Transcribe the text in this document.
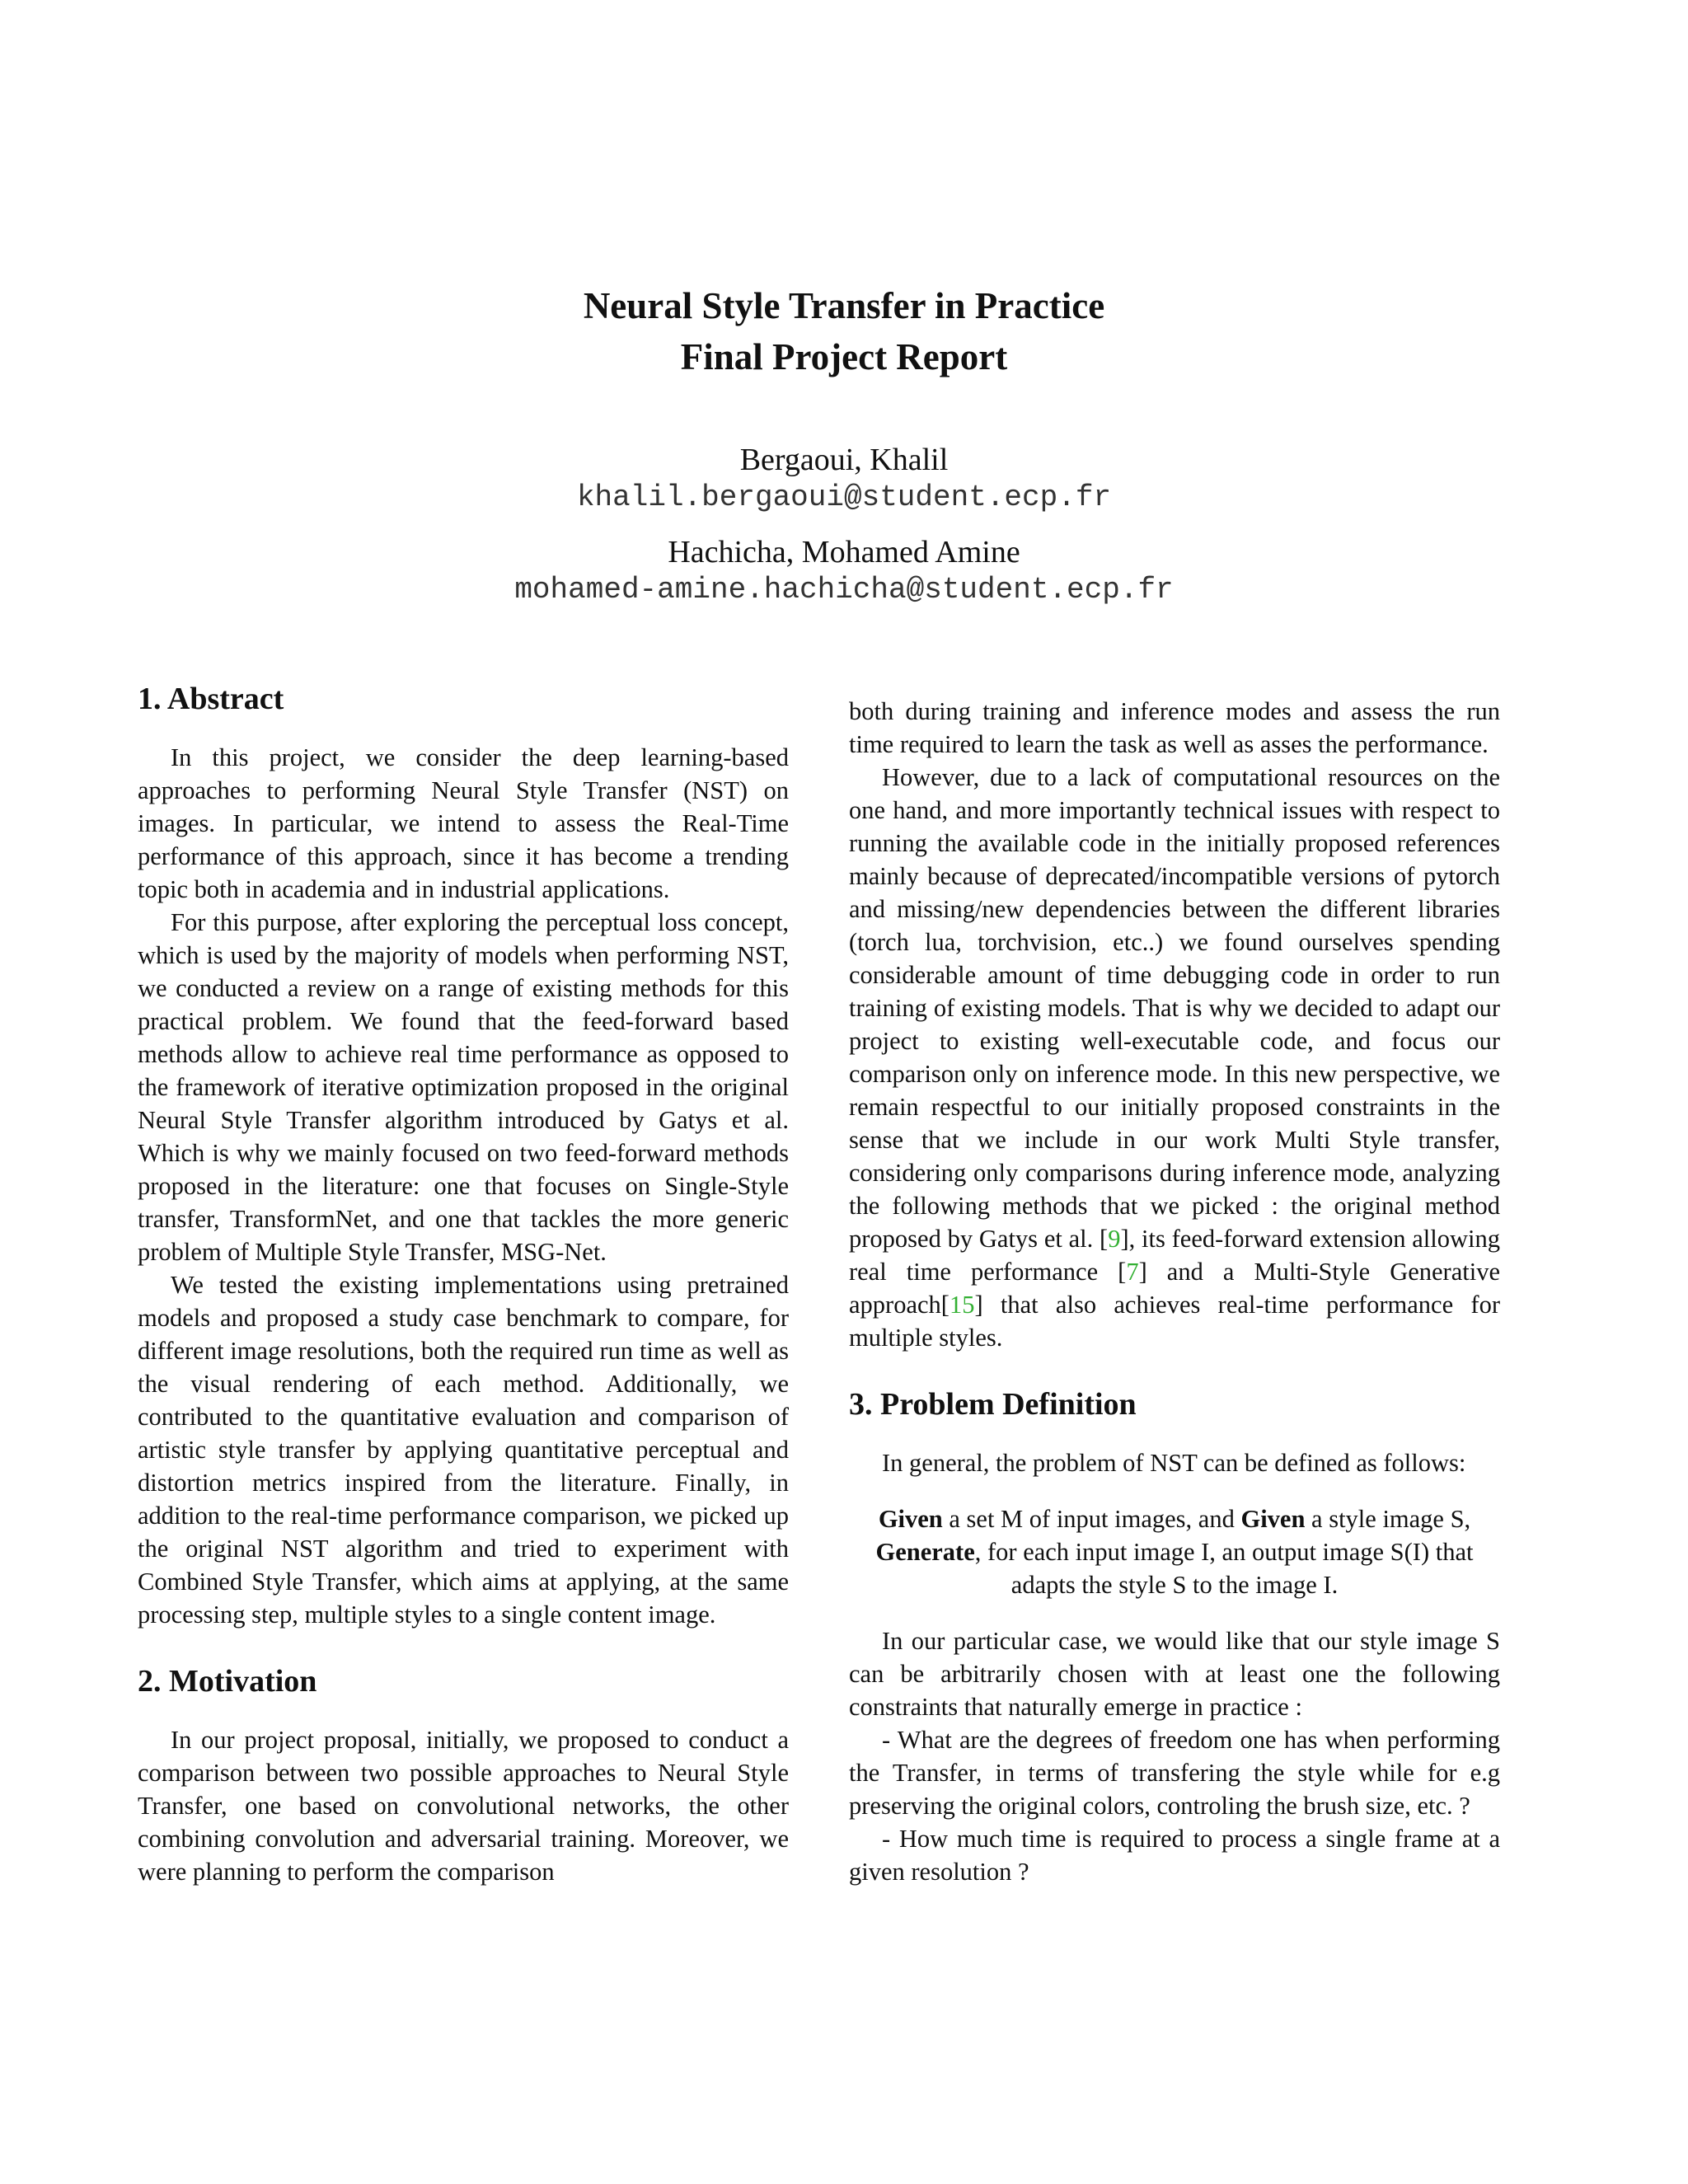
Neural Style Transfer in Practice
Final Project Report
Bergaoui, Khalil
khalil.bergaoui@student.ecp.fr
Hachicha, Mohamed Amine
mohamed-amine.hachicha@student.ecp.fr
1. Abstract

In this project, we consider the deep learning-based approaches to performing Neural Style Transfer (NST) on images. In particular, we intend to assess the Real-Time performance of this approach, since it has become a trending topic both in academia and in industrial applications.

For this purpose, after exploring the perceptual loss concept, which is used by the majority of models when performing NST, we conducted a review on a range of existing methods for this practical problem. We found that the feed-forward based methods allow to achieve real time performance as opposed to the framework of iterative optimization proposed in the original Neural Style Transfer algorithm introduced by Gatys et al. Which is why we mainly focused on two feed-forward methods proposed in the literature: one that focuses on Single-Style transfer, TransformNet, and one that tackles the more generic problem of Multiple Style Transfer, MSG-Net.

We tested the existing implementations using pretrained models and proposed a study case benchmark to compare, for different image resolutions, both the required run time as well as the visual rendering of each method. Additionally, we contributed to the quantitative evaluation and comparison of artistic style transfer by applying quantitative perceptual and distortion metrics inspired from the literature. Finally, in addition to the real-time performance comparison, we picked up the original NST algorithm and tried to experiment with Combined Style Transfer, which aims at applying, at the same processing step, multiple styles to a single content image.

2. Motivation

In our project proposal, initially, we proposed to conduct a comparison between two possible approaches to Neural Style Transfer, one based on convolutional networks, the other combining convolution and adversarial training. Moreover, we were planning to perform the comparison

both during training and inference modes and assess the run time required to learn the task as well as asses the performance.

However, due to a lack of computational resources on the one hand, and more importantly technical issues with respect to running the available code in the initially proposed references mainly because of deprecated/incompatible versions of pytorch and missing/new dependencies between the different libraries (torch lua, torchvision, etc..) we found ourselves spending considerable amount of time debugging code in order to run training of existing models. That is why we decided to adapt our project to existing well-executable code, and focus our comparison only on inference mode. In this new perspective, we remain respectful to our initially proposed constraints in the sense that we include in our work Multi Style transfer, considering only comparisons during inference mode, analyzing the following methods that we picked : the original method proposed by Gatys et al. [9], its feed-forward extension allowing real time performance [7] and a Multi-Style Generative approach[15] that also achieves real-time performance for multiple styles.

3. Problem Definition

In general, the problem of NST can be defined as follows:

Given a set M of input images, and Given a style image S, Generate, for each input image I, an output image S(I) that adapts the style S to the image I.

In our particular case, we would like that our style image S can be arbitrarily chosen with at least one the following constraints that naturally emerge in practice :

- What are the degrees of freedom one has when performing the Transfer, in terms of transfering the style while for e.g preserving the original colors, controling the brush size, etc. ?

- How much time is required to process a single frame at a given resolution ?
